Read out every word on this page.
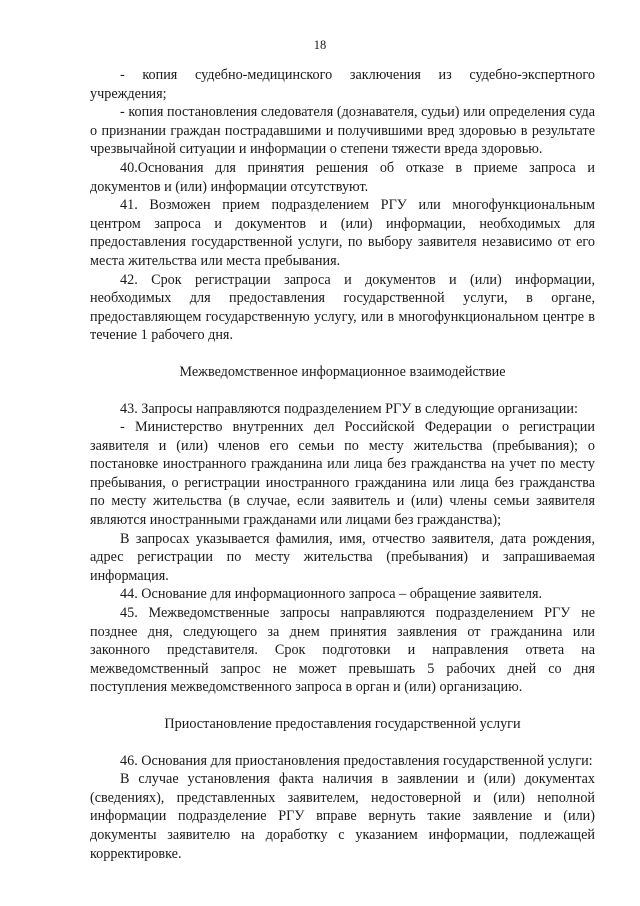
18

- копия судебно-медицинского заключения из судебно-экспертного учреждения;

- копия постановления следователя (дознавателя, судьи) или определения суда о признании граждан пострадавшими и получившими вред здоровью в результате чрезвычайной ситуации и информации о степени тяжести вреда здоровью.

40.Основания для принятия решения об отказе в приеме запроса и документов и (или) информации отсутствуют.

41. Возможен прием подразделением РГУ или многофункциональным центром запроса и документов и (или) информации, необходимых для предоставления государственной услуги, по выбору заявителя независимо от его места жительства или места пребывания.

42. Срок регистрации запроса и документов и (или) информации, необходимых для предоставления государственной услуги, в органе, предоставляющем государственную услугу, или в многофункциональном центре в течение 1 рабочего дня.

Межведомственное информационное взаимодействие

43. Запросы направляются подразделением РГУ в следующие организации:

- Министерство внутренних дел Российской Федерации о регистрации заявителя и (или) членов его семьи по месту жительства (пребывания); о постановке иностранного гражданина или лица без гражданства на учет по месту пребывания, о регистрации иностранного гражданина или лица без гражданства по месту жительства (в случае, если заявитель и (или) члены семьи заявителя являются иностранными гражданами или лицами без гражданства);

В запросах указывается фамилия, имя, отчество заявителя, дата рождения, адрес регистрации по месту жительства (пребывания) и запрашиваемая информация.

44. Основание для информационного запроса – обращение заявителя.

45. Межведомственные запросы направляются подразделением РГУ не позднее дня, следующего за днем принятия заявления от гражданина или законного представителя. Срок подготовки и направления ответа на межведомственный запрос не может превышать 5 рабочих дней со дня поступления межведомственного запроса в орган и (или) организацию.

Приостановление предоставления государственной услуги

46. Основания для приостановления предоставления государственной услуги:

В случае установления факта наличия в заявлении и (или) документах (сведениях), представленных заявителем, недостоверной и (или) неполной информации подразделение РГУ вправе вернуть такие заявление и (или) документы заявителю на доработку с указанием информации, подлежащей корректировке.
